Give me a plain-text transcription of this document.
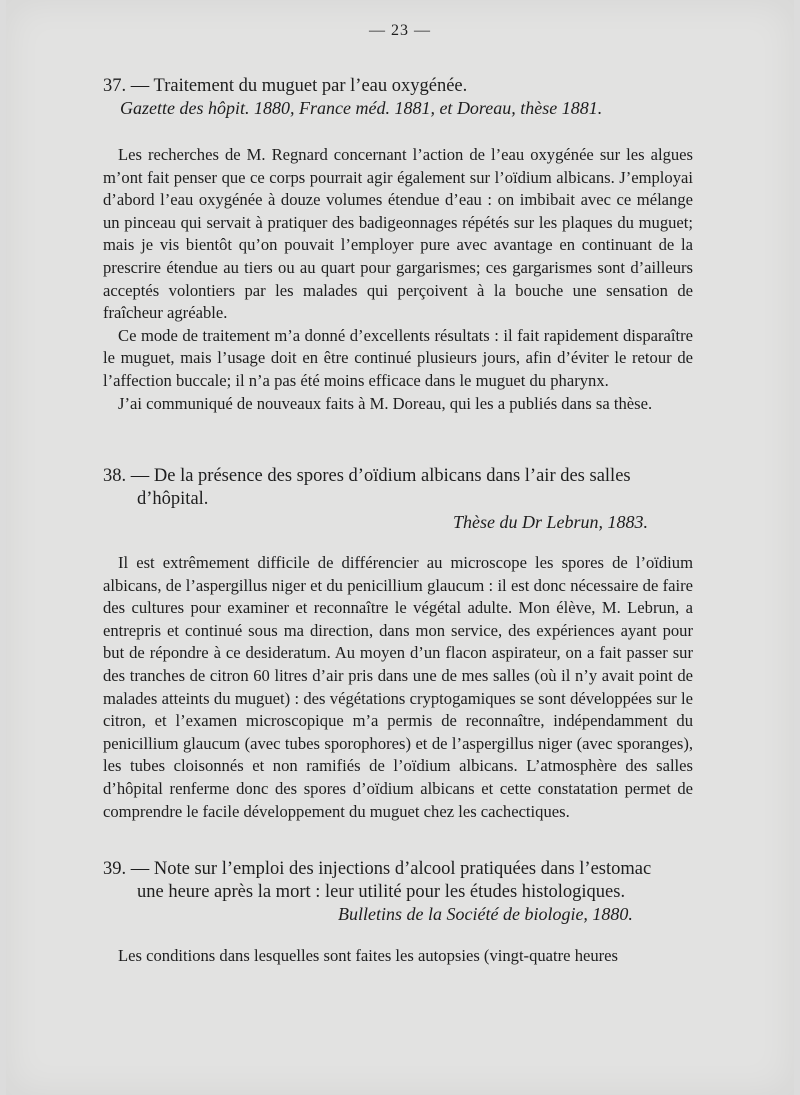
— 23 —
37. — Traitement du muguet par l’eau oxygénée.
Gazette des hôpit. 1880, France méd. 1881, et Doreau, thèse 1881.

Les recherches de M. Regnard concernant l’action de l’eau oxygénée sur les algues m’ont fait penser que ce corps pourrait agir également sur l’oïdium albicans. J’employai d’abord l’eau oxygénée à douze volumes étendue d’eau : on imbibait avec ce mélange un pinceau qui servait à pratiquer des badigeonnages répétés sur les plaques du muguet; mais je vis bientôt qu’on pouvait l’employer pure avec avantage en continuant de la prescrire étendue au tiers ou au quart pour gargarismes; ces gargarismes sont d’ailleurs acceptés volontiers par les malades qui perçoivent à la bouche une sensation de fraîcheur agréable.

Ce mode de traitement m’a donné d’excellents résultats : il fait rapidement disparaître le muguet, mais l’usage doit en être continué plusieurs jours, afin d’éviter le retour de l’affection buccale; il n’a pas été moins efficace dans le muguet du pharynx.

J’ai communiqué de nouveaux faits à M. Doreau, qui les a publiés dans sa thèse.

38. — De la présence des spores d’oïdium albicans dans l’air des salles
d’hôpital.
Thèse du Dr Lebrun, 1883.

Il est extrêmement difficile de différencier au microscope les spores de l’oïdium albicans, de l’aspergillus niger et du penicillium glaucum : il est donc nécessaire de faire des cultures pour examiner et reconnaître le végétal adulte. Mon élève, M. Lebrun, a entrepris et continué sous ma direction, dans mon service, des expériences ayant pour but de répondre à ce desideratum. Au moyen d’un flacon aspirateur, on a fait passer sur des tranches de citron 60 litres d’air pris dans une de mes salles (où il n’y avait point de malades atteints du muguet) : des végétations cryptogamiques se sont développées sur le citron, et l’examen microscopique m’a permis de reconnaître, indépendamment du penicillium glaucum (avec tubes sporophores) et de l’aspergillus niger (avec sporanges), les tubes cloisonnés et non ramifiés de l’oïdium albicans. L’atmosphère des salles d’hôpital renferme donc des spores d’oïdium albicans et cette constatation permet de comprendre le facile développement du muguet chez les cachectiques.

39. — Note sur l’emploi des injections d’alcool pratiquées dans l’estomac
une heure après la mort : leur utilité pour les études histologiques.
Bulletins de la Société de biologie, 1880.

Les conditions dans lesquelles sont faites les autopsies (vingt-quatre heures
